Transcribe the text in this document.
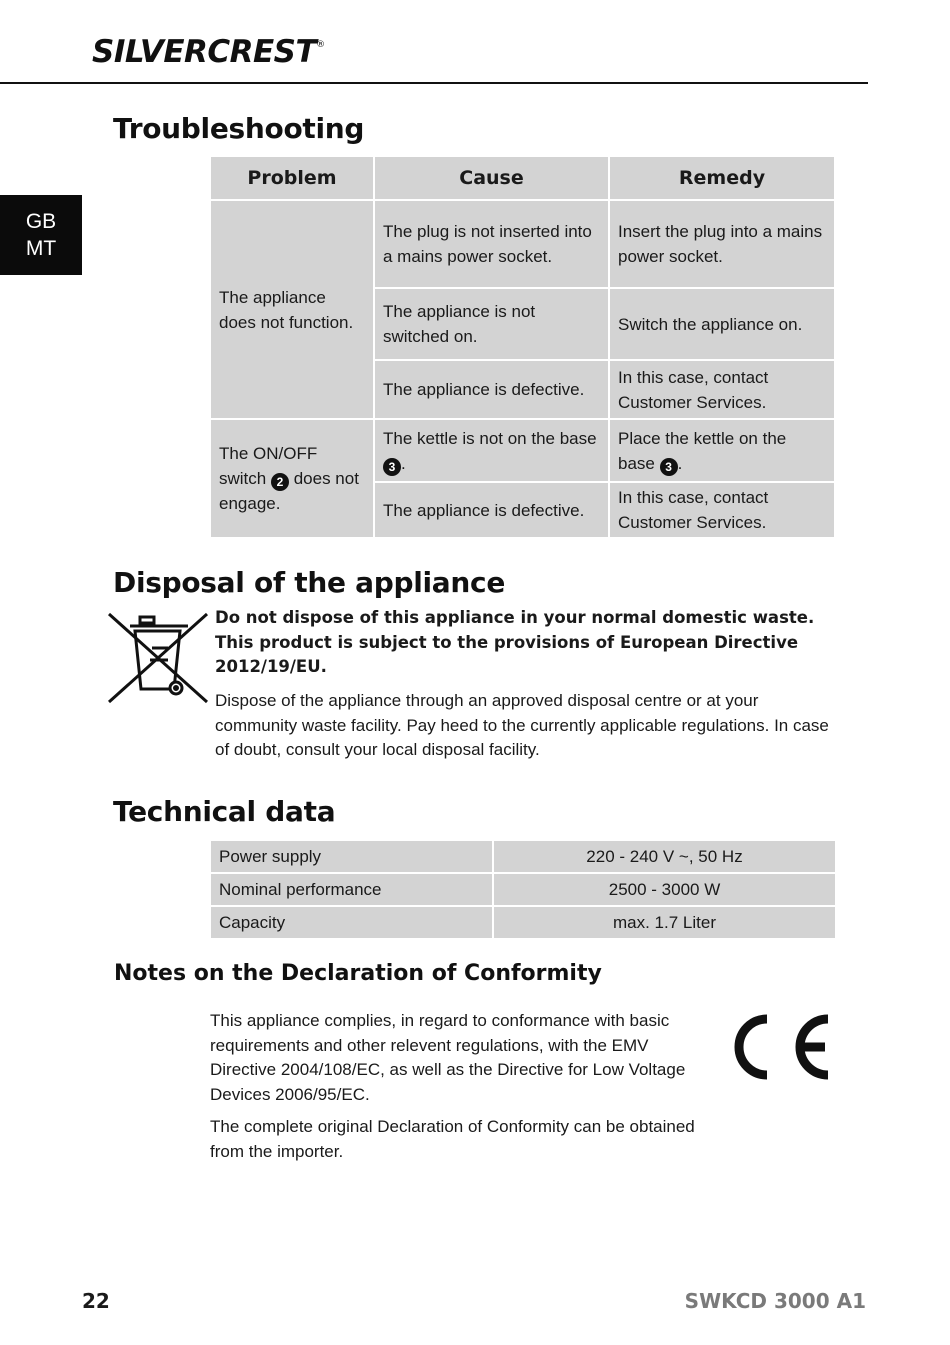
SILVERCREST®
GB
MT
Troubleshooting
Problem	Cause	Remedy
The appliance does not function.	The plug is not inserted into a mains power socket.	Insert the plug into a mains power socket.
	The appliance is not switched on.	Switch the appliance on.
	The appliance is defective.	In this case, contact Customer Services.
The ON/OFF switch 2 does not engage.	The kettle is not on the base 3 .	Place the kettle on the base 3 .
	The appliance is defective.	In this case, contact Customer Services.
Disposal of the appliance

Do not dispose of this appliance in your normal domestic waste. This product is subject to the provisions of European Directive 2012/19/EU.

Dispose of the appliance through an approved disposal centre or at your community waste facility. Pay heed to the currently applicable regulations. In case of doubt, consult your local disposal facility.

Technical data
Power supply	220 - 240 V ~, 50 Hz
Nominal performance	2500 - 3000 W
Capacity	max. 1.7 Liter
Notes on the Declaration of Conformity

This appliance complies, in regard to conformance with basic requirements and other relevent regulations, with the EMV Directive 2004/108/EC, as well as the Directive for Low Voltage Devices 2006/95/EC.

The complete original Declaration of Conformity can be obtained from the importer.

22	SWKCD 3000 A1
